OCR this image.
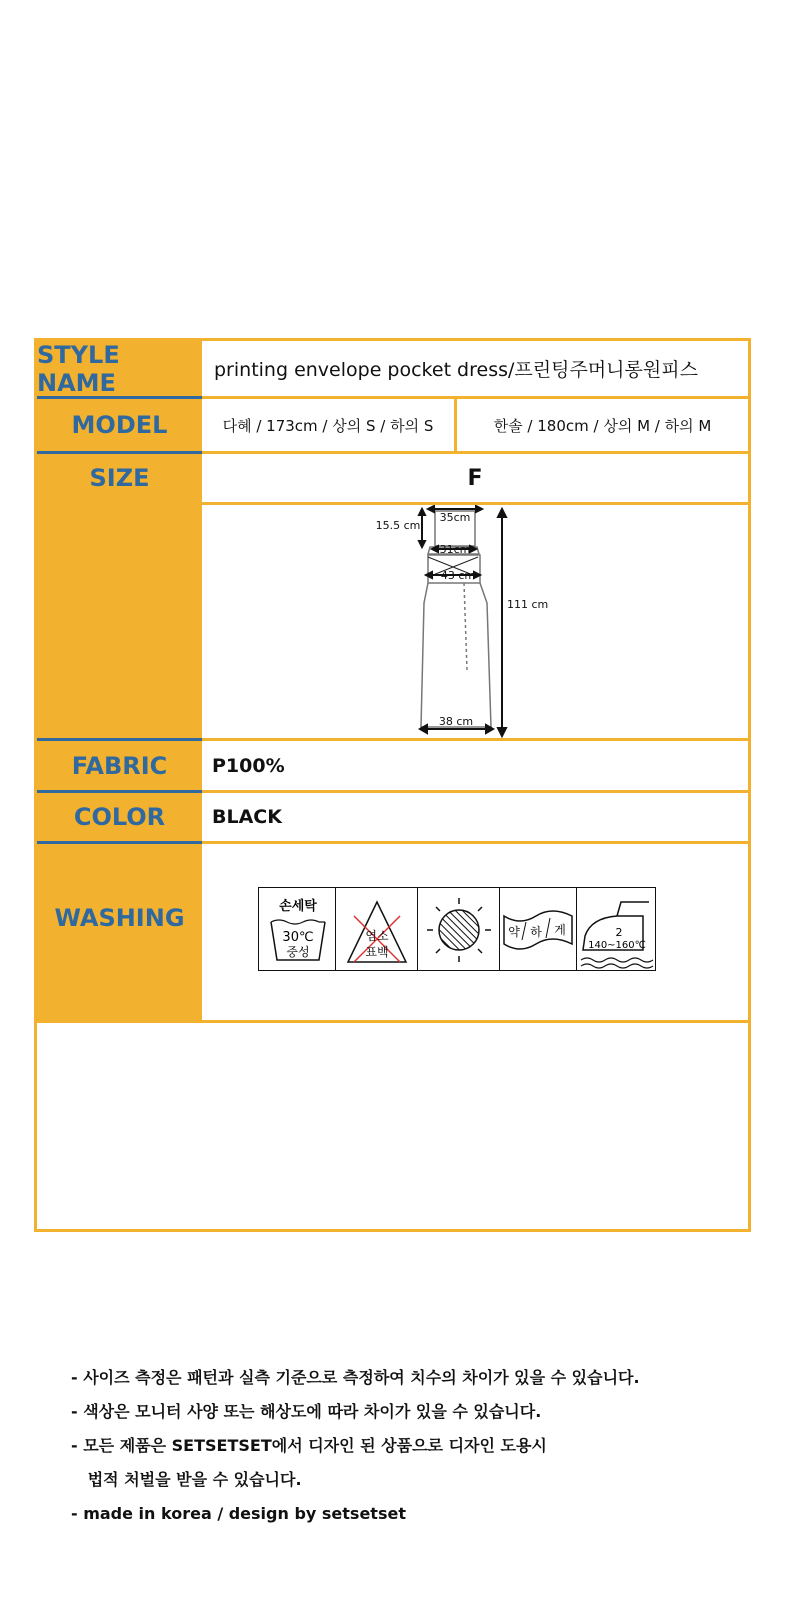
STYLE NAME	printing envelope pocket dress/프린팅주머니롱원피스
MODEL	다혜 / 173cm / 상의 S / 하의 S	한솔 / 180cm / 상의 M / 하의 M
SIZE	F
35cm
15.5 cm
31cm
43 cm
111 cm
38 cm
FABRIC	P100%
COLOR	BLACK
WASHING	손세탁
30℃
중성
염소
표백
약 하 게	2
140~160℃
- 사이즈 측정은 패턴과 실측 기준으로 측정하여 치수의 차이가 있을 수 있습니다.
- 색상은 모니터 사양 또는 해상도에 따라 차이가 있을 수 있습니다.
- 모든 제품은 SETSETSET에서 디자인 된 상품으로 디자인 도용시
법적 처벌을 받을 수 있습니다.
- made in korea / design by setsetset
